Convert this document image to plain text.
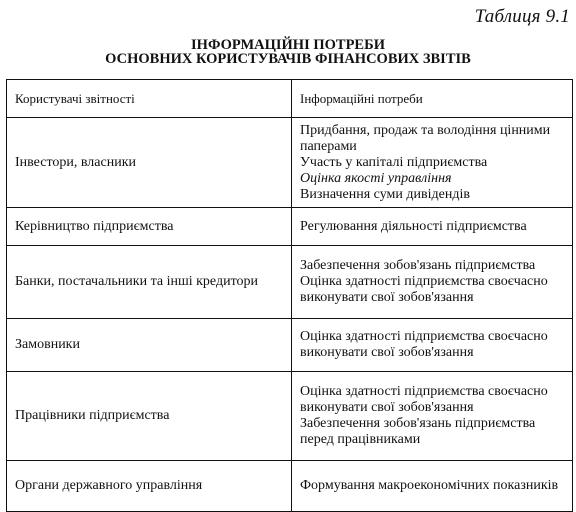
Таблиця 9.1
ІНФОРМАЦІЙНІ ПОТРЕБИ
ОСНОВНИХ КОРИСТУВАЧІВ ФІНАНСОВИХ ЗВІТІВ
Користувачі звітності	Інформаційні потреби
Інвестори, власники	Придбання, продаж та володіння цінними паперами
Участь у капіталі підприємства
Оцінка якості управління
Визначення суми дивідендів

Керівництво підприємства	Регулювання діяльності підприємства

Банки, постачальники та інші кредитори	Забезпечення зобов'язань підприємства
Оцінка здатності підприємства своєчасно виконувати свої зобов'язання

Замовники	Оцінка здатності підприємства своєчасно виконувати свої зобов'язання

Працівники підприємства	Оцінка здатності підприємства своєчасно виконувати свої зобов'язання
Забезпечення зобов'язань підприємства перед працівниками

Органи державного управління	Формування макроекономічних показників
